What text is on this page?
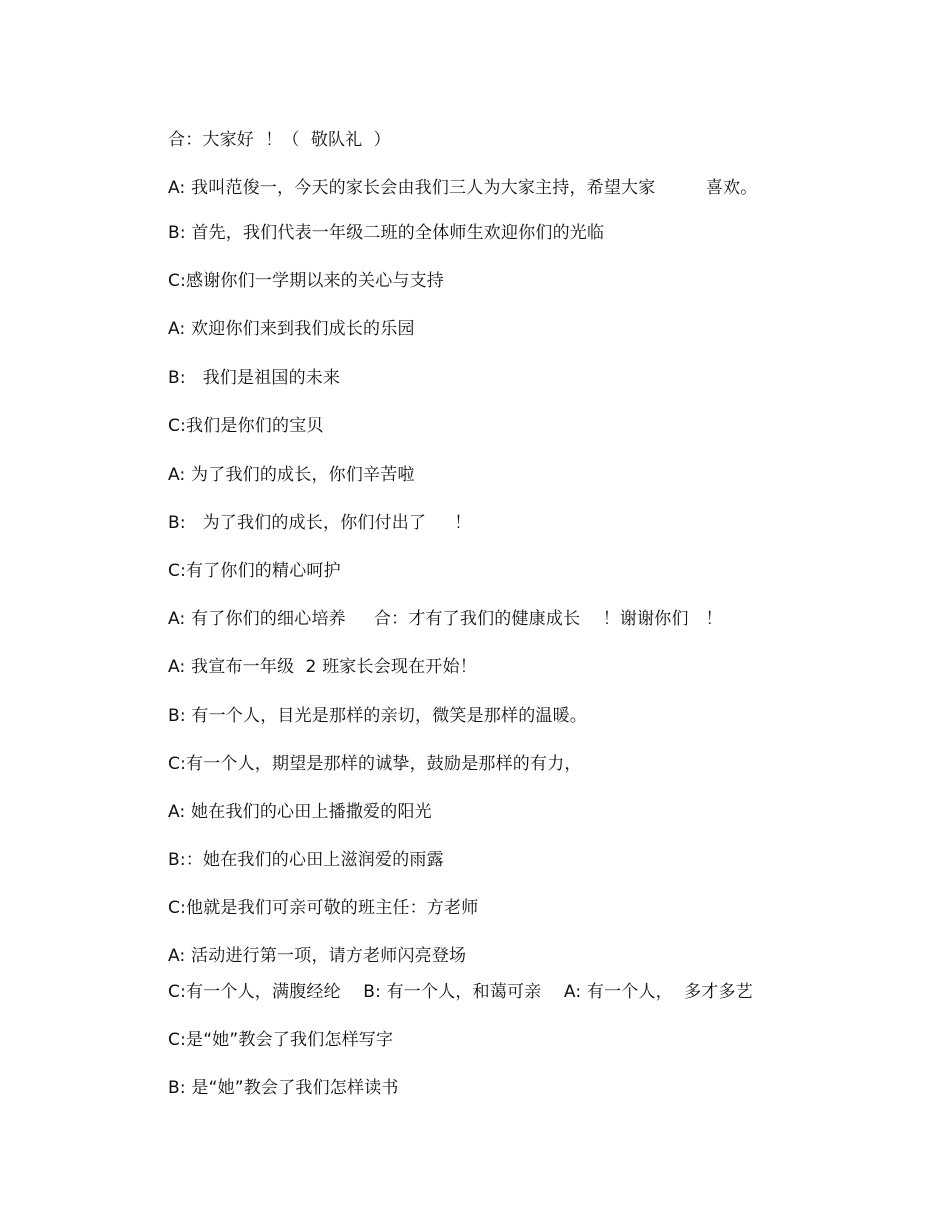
合：大家好  ！（  敬队礼  ）
A: 我叫范俊一，今天的家长会由我们三人为大家主持，希望大家         喜欢。
B: 首先，我们代表一年级二班的全体师生欢迎你们的光临
C:感谢你们一学期以来的关心与支持
A: 欢迎你们来到我们成长的乐园
B:   我们是祖国的未来
C:我们是你们的宝贝
A: 为了我们的成长，你们辛苦啦
B:   为了我们的成长，你们付出了     ！
C:有了你们的精心呵护
A: 有了你们的细心培养     合：才有了我们的健康成长    ！谢谢你们   ！
A: 我宣布一年级  2 班家长会现在开始！
B: 有一个人，目光是那样的亲切，微笑是那样的温暖。
C:有一个人，期望是那样的诚挚，鼓励是那样的有力，
A: 她在我们的心田上播撒爱的阳光
B:：她在我们的心田上滋润爱的雨露
C:他就是我们可亲可敬的班主任：方老师
A: 活动进行第一项，请方老师闪亮登场
C:有一个人，满腹经纶    B: 有一个人，和蔼可亲    A: 有一个人，  多才多艺
C:是“她”教会了我们怎样写字
B: 是“她”教会了我们怎样读书
